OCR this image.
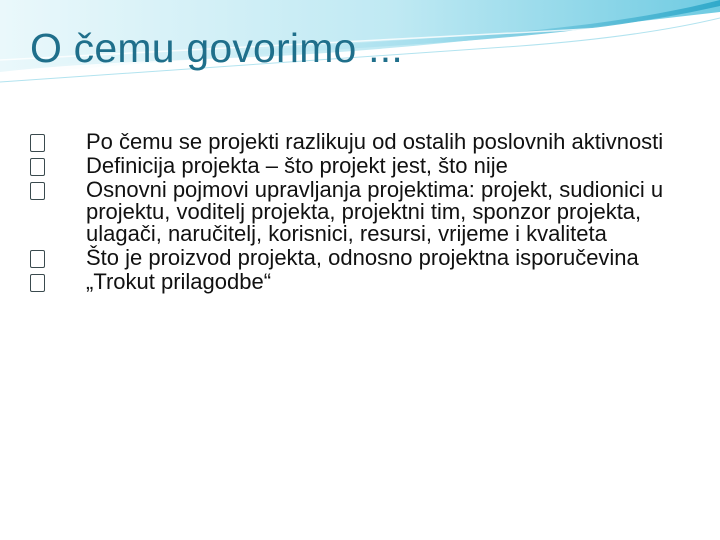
O čemu govorimo ...
Po čemu se projekti razlikuju od ostalih poslovnih aktivnosti
Definicija projekta – što projekt jest, što nije
Osnovni pojmovi upravljanja projektima: projekt, sudionici u projektu, voditelj projekta, projektni tim, sponzor projekta, ulagači, naručitelj, korisnici, resursi, vrijeme i kvaliteta
Što je proizvod projekta, odnosno projektna isporučevina
„Trokut prilagodbe“
